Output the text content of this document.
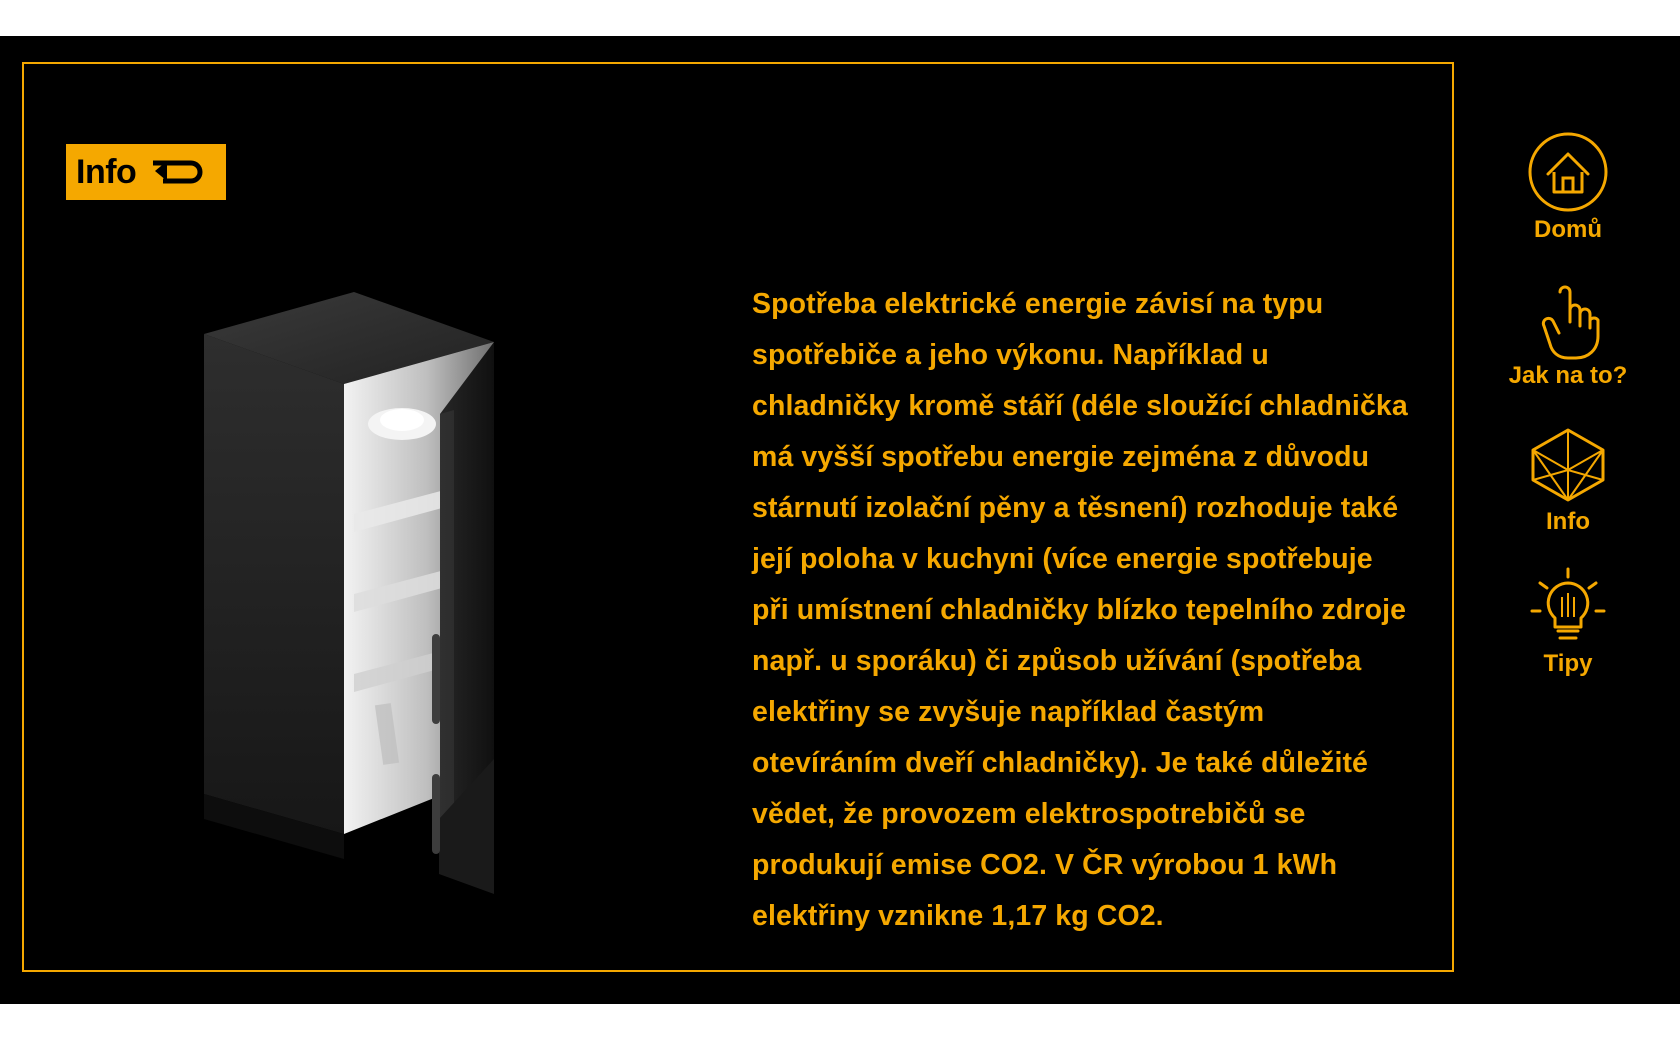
Info
Spotřeba elektrické energie závisí na typu spotřebiče a jeho výkonu. Například u chladničky kromě stáří (déle sloužící chladnička má vyšší spotřebu energie zejména z důvodu stárnutí izolační pěny a těsnení) rozhoduje také její poloha v kuchyni (více energie spotřebuje při umístnení chladničky blízko tepelního zdroje např. u sporáku) či způsob užívání (spotřeba elektřiny se zvyšuje například častým otevíráním dveří chladničky). Je také důležité vědet, že provozem elektrospotrebičů se produkují emise CO2. V ČR výrobou 1 kWh elektřiny vznikne 1,17 kg CO2.
Domů
Jak na to?
Info
Tipy
